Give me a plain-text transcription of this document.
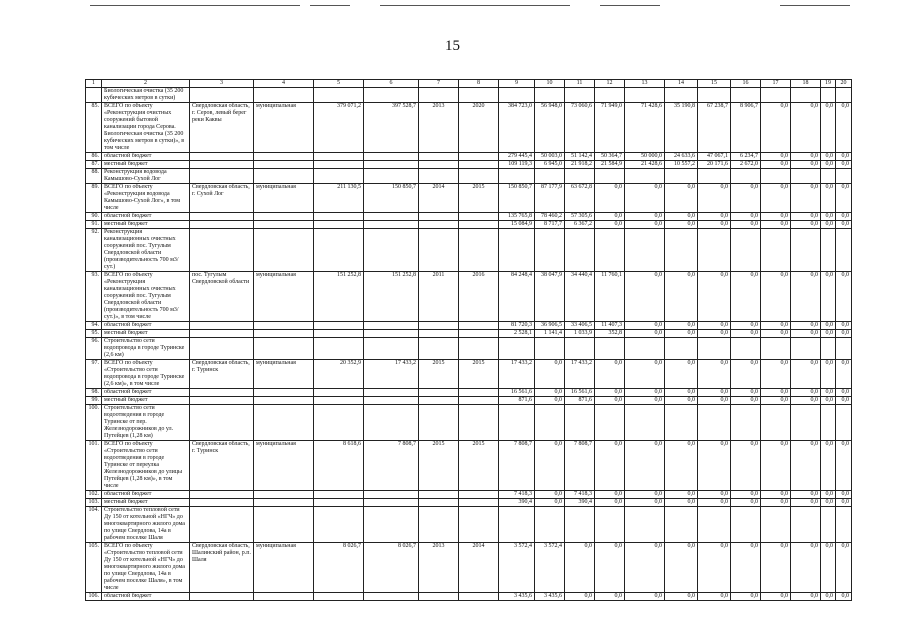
15
1	2	3	4	5	6	7	8	9	10	11	12	13	14	15	16	17	18	19	20
	Биологическая очистка (35 200 кубических метров в сутки)																		
85.	ВСЕГО по объекту «Реконструкция очистных сооружений бытовой канализации города Серова. Биологическая очистка (35 200 кубических метров в сутки)», в том числе	Свердловская область, г. Серов, левый берег реки Каквы	муниципальная	379 071,2	397 528,7	2013	2020	384 723,0	56 948,0	73 060,6	71 949,0	71 428,6	35 190,8	67 238,7	8 906,7	0,0	0,0	0,0	0,0
86.	областной бюджет							279 445,4	50 003,0	51 142,4	50 364,7	50 000,0	24 633,6	47 067,1	6 234,7	0,0	0,0	0,0	0,0
87.	местный бюджет							109 119,3	6 945,0	21 918,2	21 584,9	21 428,6	10 557,2	20 171,6	2 672,0	0,0	0,0	0,0	0,0
88.	Реконструкция водовода Камышово-Сухой Лог																		
89.	ВСЕГО по объекту «Реконструкция водовода Камышово-Сухой Лог», в том числе	Свердловская область, г. Сухой Лог	муниципальная	211 130,5	150 850,7	2014	2015	150 850,7	87 177,9	63 672,8	0,0	0,0	0,0	0,0	0,0	0,0	0,0	0,0	0,0
90.	областной бюджет							135 765,8	78 460,2	57 305,6	0,0	0,0	0,0	0,0	0,0	0,0	0,0	0,0	0,0
91.	местный бюджет							15 084,9	8 717,7	6 367,2	0,0	0,0	0,0	0,0	0,0	0,0	0,0	0,0	0,0
92.	Реконструкция канализационных очистных сооружений пос. Тугулым Свердловской области (производительность 700 м3/сут.)																		
93.	ВСЕГО по объекту «Реконструкция канализационных очистных сооружений пос. Тугулым Свердловской области (производительность 700 м3/сут.)», в том числе	пос. Тугулым Свердловской области	муниципальная	151 252,8	151 252,8	2011	2016	84 248,4	38 047,9	34 440,4	11 760,1	0,0	0,0	0,0	0,0	0,0	0,0	0,0	0,0
94.	областной бюджет							81 720,3	36 906,5	33 406,5	11 407,3	0,0	0,0	0,0	0,0	0,0	0,0	0,0	0,0
95.	местный бюджет							2 528,1	1 141,4	1 033,9	352,8	0,0	0,0	0,0	0,0	0,0	0,0	0,0	0,0
96.	Строительство сети водопровода в городе Туринске (2,6 км)																		
97.	ВСЕГО по объекту «Строительство сети водопровода в городе Туринске (2,6 км)», в том числе	Свердловская область, г. Туринск	муниципальная	20 352,9	17 433,2	2015	2015	17 433,2	0,0	17 433,2	0,0	0,0	0,0	0,0	0,0	0,0	0,0	0,0	0,0
98.	областной бюджет							16 561,6	0,0	16 561,6	0,0	0,0	0,0	0,0	0,0	0,0	0,0	0,0	0,0
99.	местный бюджет							871,6	0,0	871,6	0,0	0,0	0,0	0,0	0,0	0,0	0,0	0,0	0,0
100.	Строительство сети водоотведения в городе Туринске от пер. Железнодорожников до ул. Путейцев (1,28 км)																		
101.	ВСЕГО по объекту «Строительство сети водоотведения в городе Туринске от переулка Железнодорожников до улицы Путейцев (1,28 км)», в том числе	Свердловская область, г. Туринск	муниципальная	8 618,6	7 808,7	2015	2015	7 808,7	0,0	7 808,7	0,0	0,0	0,0	0,0	0,0	0,0	0,0	0,0	0,0
102.	областной бюджет							7 418,3	0,0	7 418,3	0,0	0,0	0,0	0,0	0,0	0,0	0,0	0,0	0,0
103.	местный бюджет							390,4	0,0	390,4	0,0	0,0	0,0	0,0	0,0	0,0	0,0	0,0	0,0
104.	Строительство тепловой сети Ду 150 от котельной «НГЧ» до многоквартирного жилого дома по улице Свердлова, 14а в рабочем поселке Шаля																		
105.	ВСЕГО по объекту «Строительство тепловой сети Ду 150 от котельной «НГЧ» до многоквартирного жилого дома по улице Свердлова, 14а в рабочем поселке Шаля», в том числе	Свердловская область, Шалинский район, р.п. Шаля	муниципальная	8 026,7	8 026,7	2013	2014	3 572,4	3 572,4	0,0	0,0	0,0	0,0	0,0	0,0	0,0	0,0	0,0	0,0
106.	областной бюджет							3 435,6	3 435,6	0,0	0,0	0,0	0,0	0,0	0,0	0,0	0,0	0,0	0,0
